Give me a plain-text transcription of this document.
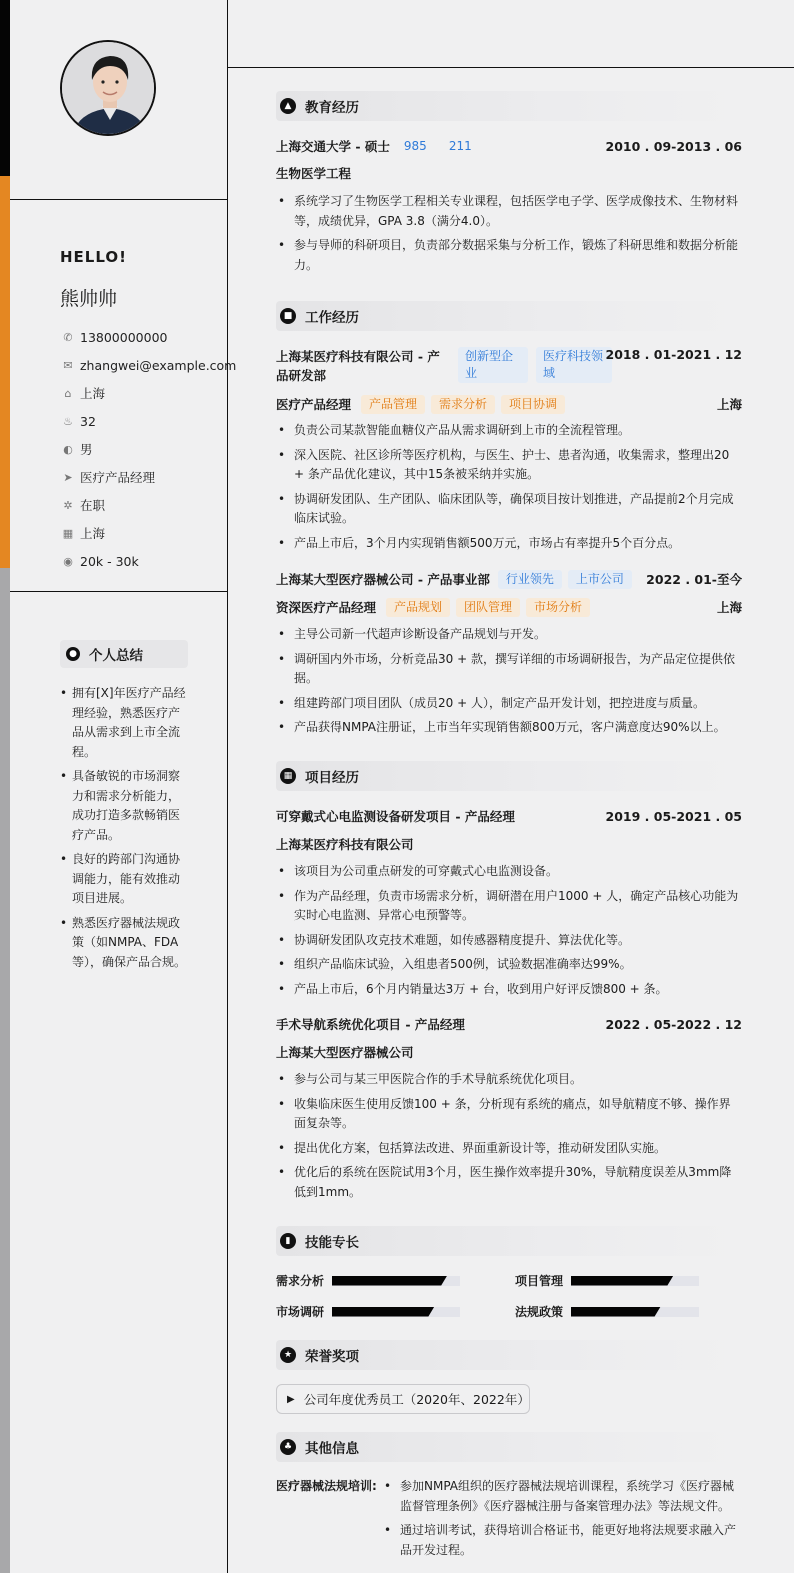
HELLO!
熊帅帅
✆ 13800000000
✉ zhangwei@example.com
⌂ 上海
♨ 32
◐ 男
➤ 医疗产品经理
✲ 在职
▦ 上海
◉ 20k - 30k
● 个人总结
• 拥有[X]年医疗产品经理经验，熟悉医疗产品从需求到上市全流程。
• 具备敏锐的市场洞察力和需求分析能力，成功打造多款畅销医疗产品。
• 良好的跨部门沟通协调能力，能有效推动项目进展。
• 熟悉医疗器械法规政策（如NMPA、FDA等），确保产品合规。
▲	教育经历
上海交通大学 - 硕士	985	211	2010 . 09-2013 . 06
生物医学工程
• 系统学习了生物医学工程相关专业课程，包括医学电子学、医学成像技术、生物材料等，成绩优异，GPA 3.8（满分4.0）。
• 参与导师的科研项目，负责部分数据采集与分析工作，锻炼了科研思维和数据分析能力。
■ 工作经历
上海某医疗科技有限公司 - 产品研发部
创新型企业
医疗科技领域
2018 . 01-2021 . 12
医疗产品经理	产品管理	需求分析	项目协调	上海
• 负责公司某款智能血糖仪产品从需求调研到上市的全流程管理。
• 深入医院、社区诊所等医疗机构，与医生、护士、患者沟通，收集需求，整理出20 + 条产品优化建议，其中15条被采纳并实施。
• 协调研发团队、生产团队、临床团队等，确保项目按计划推进，产品提前2个月完成临床试验。
• 产品上市后，3个月内实现销售额500万元，市场占有率提升5个百分点。
上海某大型医疗器械公司 - 产品事业部	行业领先	上市公司	2022 . 01-至今
资深医疗产品经理	产品规划	团队管理	市场分析	上海
• 主导公司新一代超声诊断设备产品规划与开发。
• 调研国内外市场，分析竞品30 + 款，撰写详细的市场调研报告，为产品定位提供依据。
• 组建跨部门项目团队（成员20 + 人），制定产品开发计划，把控进度与质量。
• 产品获得NMPA注册证，上市当年实现销售额800万元，客户满意度达90%以上。
▦ 项目经历
可穿戴式心电监测设备研发项目 - 产品经理	2019 . 05-2021 . 05
上海某医疗科技有限公司
• 该项目为公司重点研发的可穿戴式心电监测设备。
• 作为产品经理，负责市场需求分析，调研潜在用户1000 + 人，确定产品核心功能为实时心电监测、异常心电预警等。
• 协调研发团队攻克技术难题，如传感器精度提升、算法优化等。
• 组织产品临床试验，入组患者500例，试验数据准确率达99%。
• 产品上市后，6个月内销量达3万 + 台，收到用户好评反馈800 + 条。
手术导航系统优化项目 - 产品经理	2022 . 05-2022 . 12
上海某大型医疗器械公司
• 参与公司与某三甲医院合作的手术导航系统优化项目。
• 收集临床医生使用反馈100 + 条，分析现有系统的痛点，如导航精度不够、操作界面复杂等。
• 提出优化方案，包括算法改进、界面重新设计等，推动研发团队实施。
• 优化后的系统在医院试用3个月，医生操作效率提升30%，导航精度误差从3mm降低到1mm。
▮	技能专长
需求分析	项目管理
市场调研	法规政策
★ 荣誉奖项
▶ 公司年度优秀员工（2020年、2022年）
♣ 其他信息
医疗器械法规培训:
•	参加NMPA组织的医疗器械法规培训课程，系统学习《医疗器械监督管理条例》《医疗器械注册与备案管理办法》等法规文件。
• 通过培训考试，获得培训合格证书，能更好地将法规要求融入产品开发过程。
